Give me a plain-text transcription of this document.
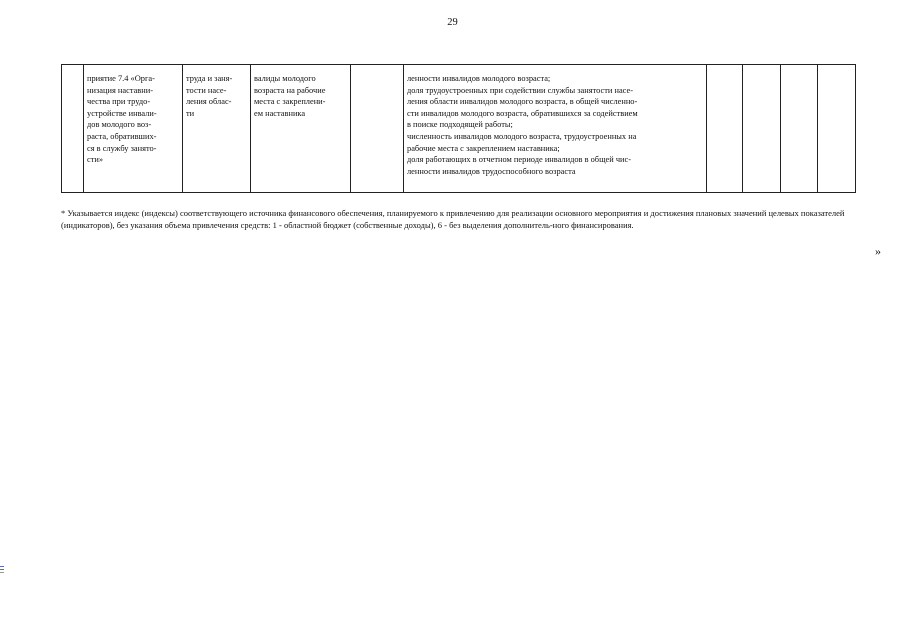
29
	приятие 7.4 «Орга-
низация наставни-
чества при трудо-
устройстве инвали-
дов молодого воз-
раста, обративших-
ся в службу занято-
сти»	труда и заня-
тости насе-
ления облас-
ти	валиды молодого
возраста на рабочие
места с закреплени-
ем наставника		ленности инвалидов молодого возраста;
доля трудоустроенных при содействии службы занятости насе-
ления области инвалидов молодого возраста, в общей численно-
сти инвалидов молодого возраста, обратившихся за содействием
в поиске подходящей работы;
численность инвалидов молодого возраста, трудоустроенных на
рабочие места с закреплением наставника;
доля работающих в отчетном периоде инвалидов в общей чис-
ленности инвалидов трудоспособного возраста				
* Указывается индекс (индексы) соответствующего источника финансового обеспечения, планируемого к привлечению для реализации основного мероприятия и достижения плановых значений целевых показателей (индикаторов), без указания объема привлечения средств: 1 - областной бюджет (собственные доходы), 6 - без выделения дополнитель-ного финансирования.
»
